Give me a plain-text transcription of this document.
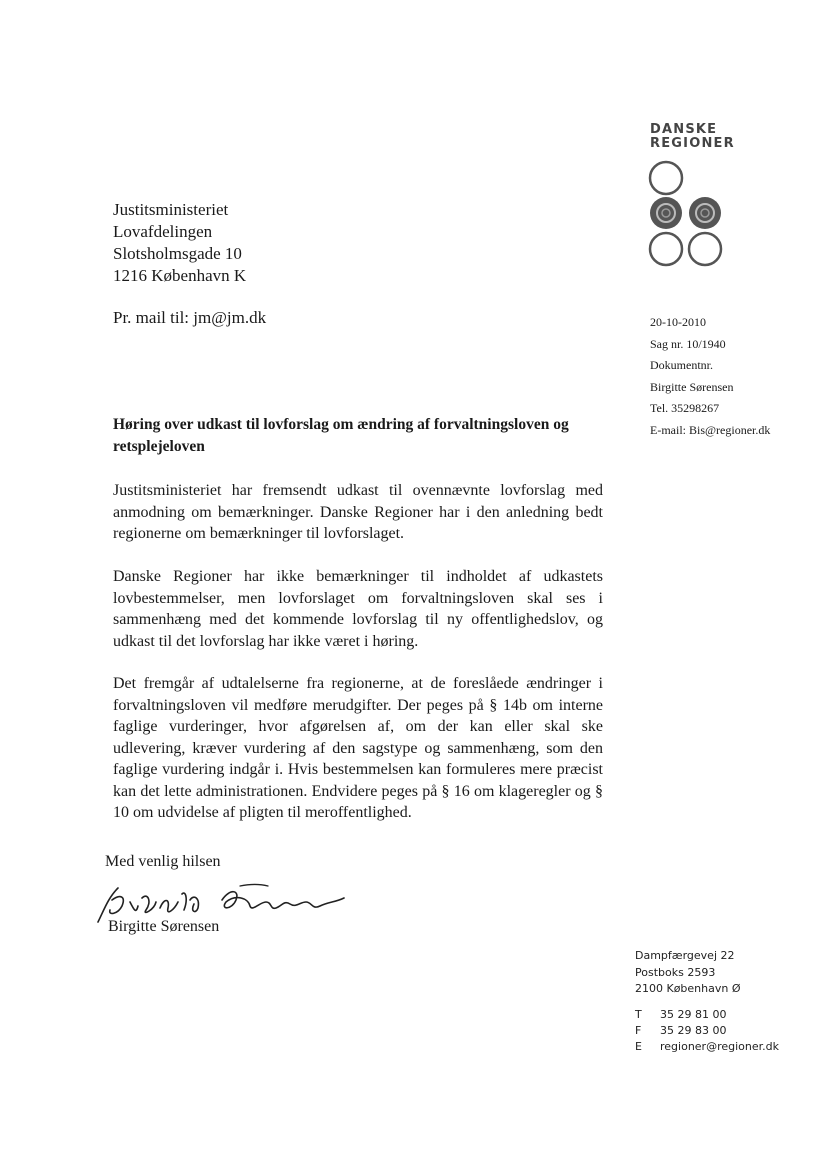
DANSKE
REGIONER
Justitsministeriet
Lovafdelingen
Slotsholmsgade 10
1216 København K
Pr. mail til: jm@jm.dk	20-10-2010
Sag nr. 10/1940
Dokumentnr.
Birgitte Sørensen
Tel. 35298267
E-mail: Bis@regioner.dk
Høring over udkast til lovforslag om ændring af forvaltningsloven og retsplejeloven
Justitsministeriet har fremsendt udkast til ovennævnte lovforslag med anmodning om bemærkninger. Danske Regioner har i den anledning bedt regionerne om bemærkninger til lovforslaget.
Danske Regioner har ikke bemærkninger til indholdet af udkastets lovbestemmelser, men lovforslaget om forvaltningsloven skal ses i sammenhæng med det kommende lovforslag til ny offentlighedslov, og udkast til det lovforslag har ikke været i høring.
Det fremgår af udtalelserne fra regionerne, at de foreslåede ændringer i forvaltningsloven vil medføre merudgifter. Der peges på § 14b om interne faglige vurderinger, hvor afgørelsen af, om der kan eller skal ske udlevering, kræver vurdering af den sagstype og sammenhæng, som den faglige vurdering indgår i. Hvis bestemmelsen kan formuleres mere præcist kan det lette administrationen. Endvidere peges på § 16 om klageregler og § 10 om udvidelse af pligten til meroffentlighed.
Med venlig hilsen
Birgitte Sørensen
Dampfærgevej 22
Postboks 2593
2100 København Ø
T	35 29 81 00
F	35 29 83 00
E	regioner@regioner.dk
